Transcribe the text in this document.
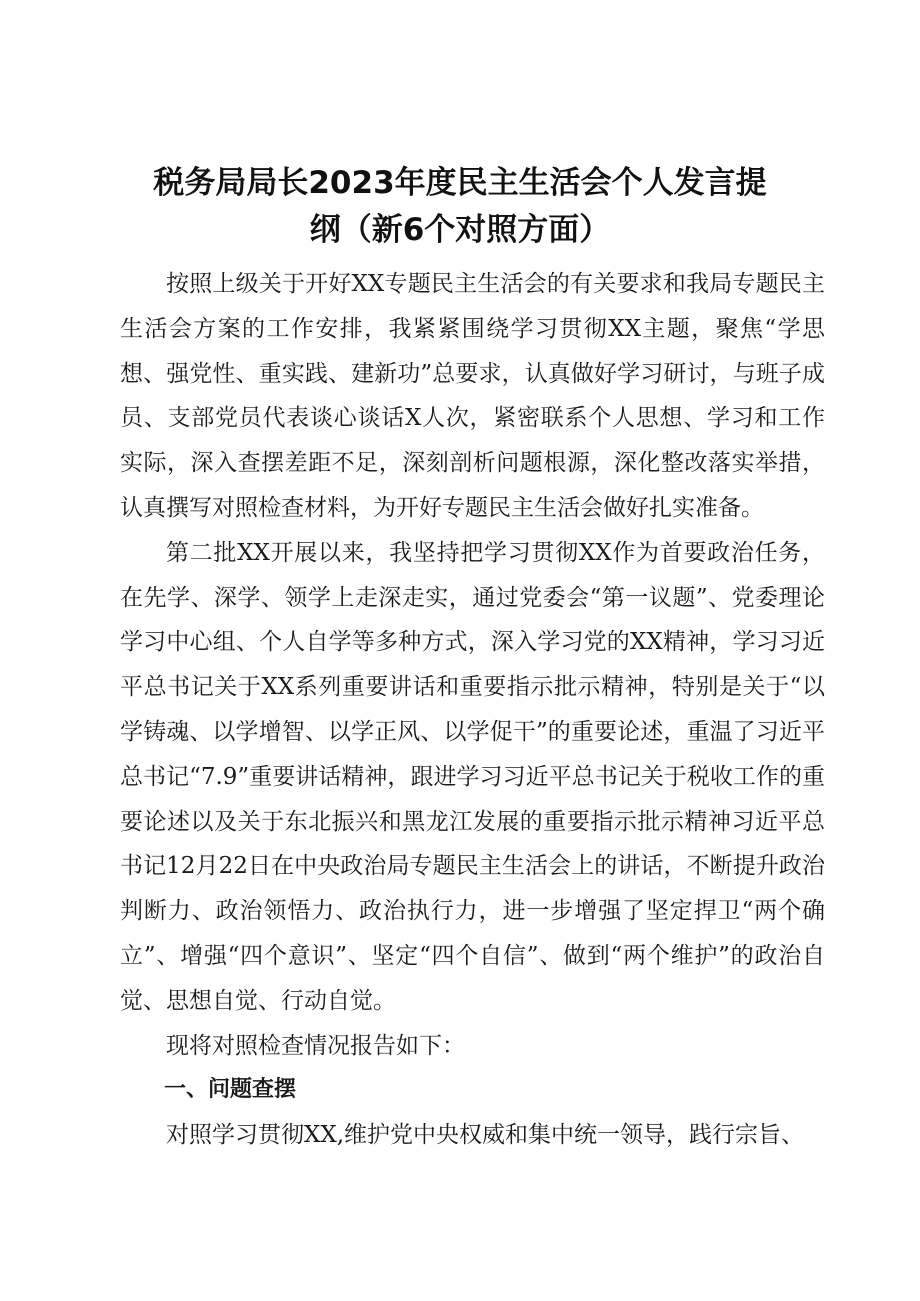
税务局局长2023年度民主生活会个人发言提纲（新6个对照方面）

按照上级关于开好XX专题民主生活会的有关要求和我局专题民主生活会方案的工作安排，我紧紧围绕学习贯彻XX主题，聚焦“学思想、强党性、重实践、建新功”总要求，认真做好学习研讨，与班子成员、支部党员代表谈心谈话X人次，紧密联系个人思想、学习和工作实际，深入查摆差距不足，深刻剖析问题根源，深化整改落实举措，认真撰写对照检查材料，为开好专题民主生活会做好扎实准备。

第二批XX开展以来，我坚持把学习贯彻XX作为首要政治任务，在先学、深学、领学上走深走实，通过党委会“第一议题”、党委理论学习中心组、个人自学等多种方式，深入学习党的XX精神，学习习近平总书记关于XX系列重要讲话和重要指示批示精神，特别是关于“以学铸魂、以学增智、以学正风、以学促干”的重要论述，重温了习近平总书记“7.9”重要讲话精神，跟进学习习近平总书记关于税收工作的重要论述以及关于东北振兴和黑龙江发展的重要指示批示精神习近平总书记12月22日在中央政治局专题民主生活会上的讲话，不断提升政治判断力、政治领悟力、政治执行力，进一步增强了坚定捍卫“两个确立”、增强“四个意识”、坚定“四个自信”、做到“两个维护”的政治自觉、思想自觉、行动自觉。

现将对照检查情况报告如下：

一、问题查摆

对照学习贯彻XX,维护党中央权威和集中统一领导，践行宗旨、
